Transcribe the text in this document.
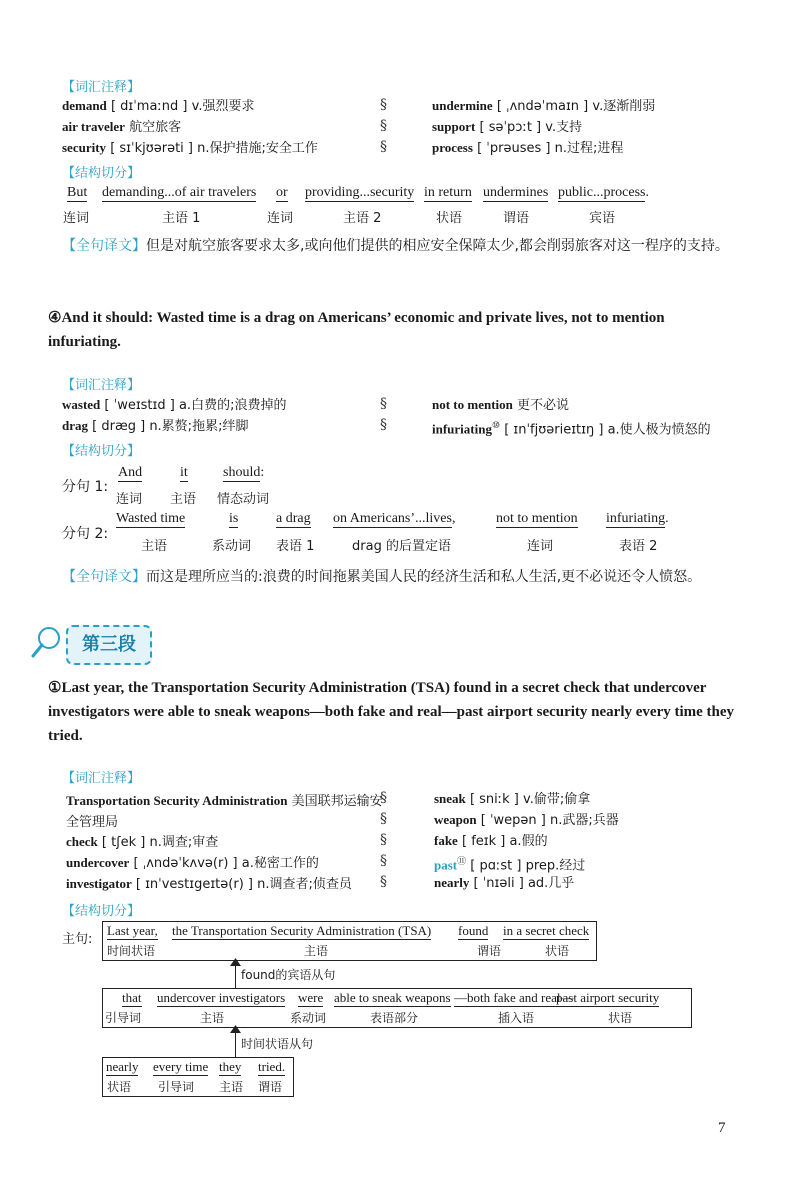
【词汇注释】
demand [ dɪˈmaːnd ] v.强烈要求
air traveler 航空旅客
security [ sɪˈkjʊərəti ] n.保护措施;安全工作
§
§
§
undermine [ ˌʌndəˈmaɪn ] v.逐渐削弱
support [ səˈpɔːt ] v.支持
process [ ˈprəuses ] n.过程;进程
【结构切分】
But
连词
demanding...of air travelers
主语 1
or
连词
providing...security
主语 2
in return
状语
undermines
谓语
public...process.
宾语
【全句译文】但是对航空旅客要求太多,或向他们提供的相应安全保障太少,都会削弱旅客对这一程序的支持。
④And it should: Wasted time is a drag on Americans’ economic and private lives, not to mention infuriating.
【词汇注释】
wasted [ ˈweɪstɪd ] a.白费的;浪费掉的
drag [ dræg ] n.累赘;拖累;绊脚
§
§
not to mention 更不必说
infuriating⑩ [ ɪnˈfjʊərieɪtɪŋ ] a.使人极为愤怒的
【结构切分】
分句 1:
And
连词
it
主语
should:
情态动词
分句 2:
Wasted time
主语
is
系动词
a drag
表语 1
on Americans’...lives,
drag 的后置定语
not to mention
连词
infuriating.
表语 2
【全句译文】而这是理所应当的:浪费的时间拖累美国人民的经济生活和私人生活,更不必说还令人愤怒。
第三段
①Last year, the Transportation Security Administration (TSA) found in a secret check that undercover investigators were able to sneak weapons—both fake and real—past airport security nearly every time they tried.
【词汇注释】
Transportation Security Administration 美国联邦运输安全管理局
check [ tʃek ] n.调查;审查
undercover [ ˌʌndəˈkʌvə(r) ] a.秘密工作的
investigator [ ɪnˈvestɪgeɪtə(r) ] n.调查者;侦查员
§
§
§
§
§
sneak [ sniːk ] v.偷带;偷拿
weapon [ ˈwepən ] n.武器;兵器
fake [ feɪk ] a.假的
past⑪ [ pɑːst ] prep.经过
nearly [ ˈnɪəli ] ad.几乎
【结构切分】
主句:
Last year,
时间状语
the Transportation Security Administration (TSA)
主语
found
谓语
in a secret check
状语
found的宾语从句
that
引导词
undercover investigators
主语
were
系动词
able to sneak weapons
表语部分
—both fake and real—
插入语
past airport security
状语
时间状语从句
nearly
状语
every time
引导词
they
主语
tried.
谓语
7
